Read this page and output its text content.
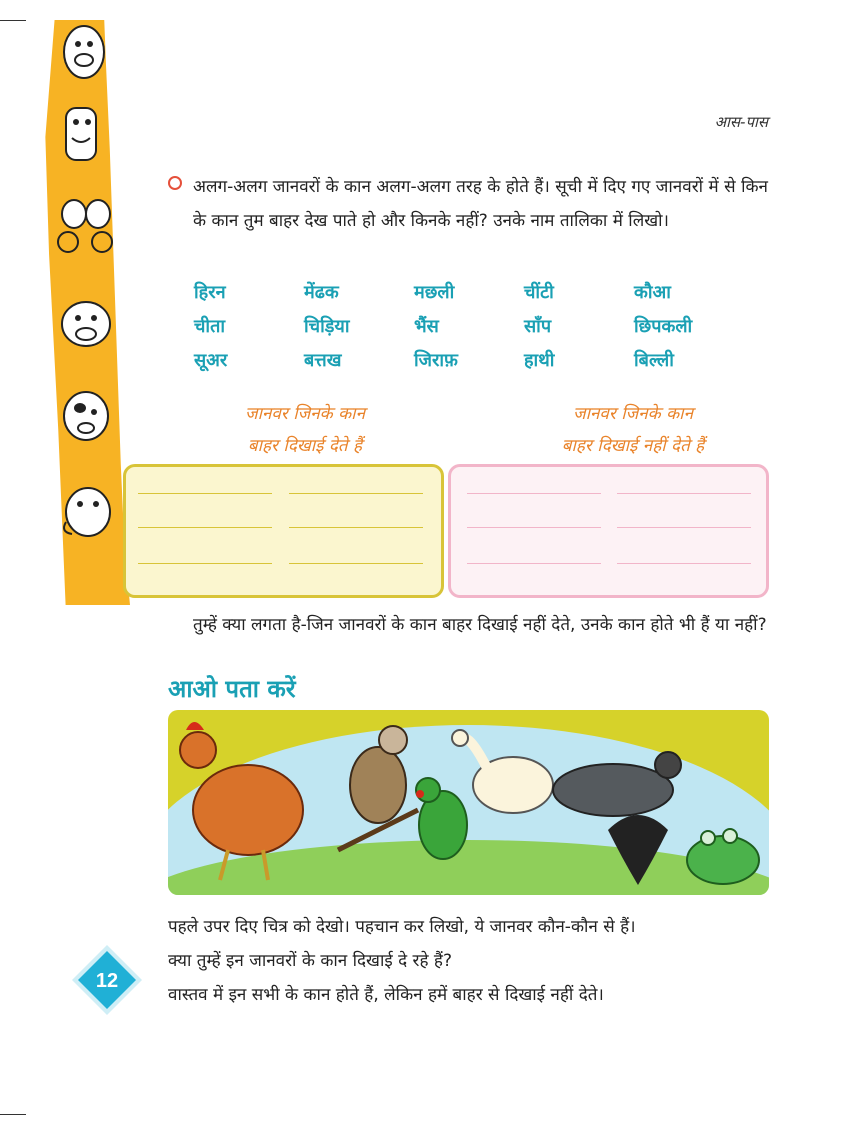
आस-पास
अलग-अलग जानवरों के कान अलग-अलग तरह के होते हैं। सूची में दिए गए जानवरों में से किन के कान तुम बाहर देख पाते हो और किनके नहीं? उनके नाम तालिका में लिखो।
हिरन	मेंढक	मछली	चींटी	कौआ
चीता	चिड़िया	भैंस	साँप	छिपकली
सूअर	बत्तख	जिराफ़	हाथी	बिल्ली
जानवर जिनके कान
बाहर दिखाई देते हैं
जानवर जिनके कान
बाहर दिखाई नहीं देते हैं
तुम्हें क्या लगता है-जिन जानवरों के कान बाहर दिखाई नहीं देते, उनके कान होते भी हैं या नहीं?
आओ पता करें
पहले उपर दिए चित्र को देखो। पहचान कर लिखो, ये जानवर कौन-कौन से हैं।
क्या तुम्हें इन जानवरों के कान दिखाई दे रहे हैं?
वास्तव में इन सभी के कान होते हैं, लेकिन हमें बाहर से दिखाई नहीं देते।
12
